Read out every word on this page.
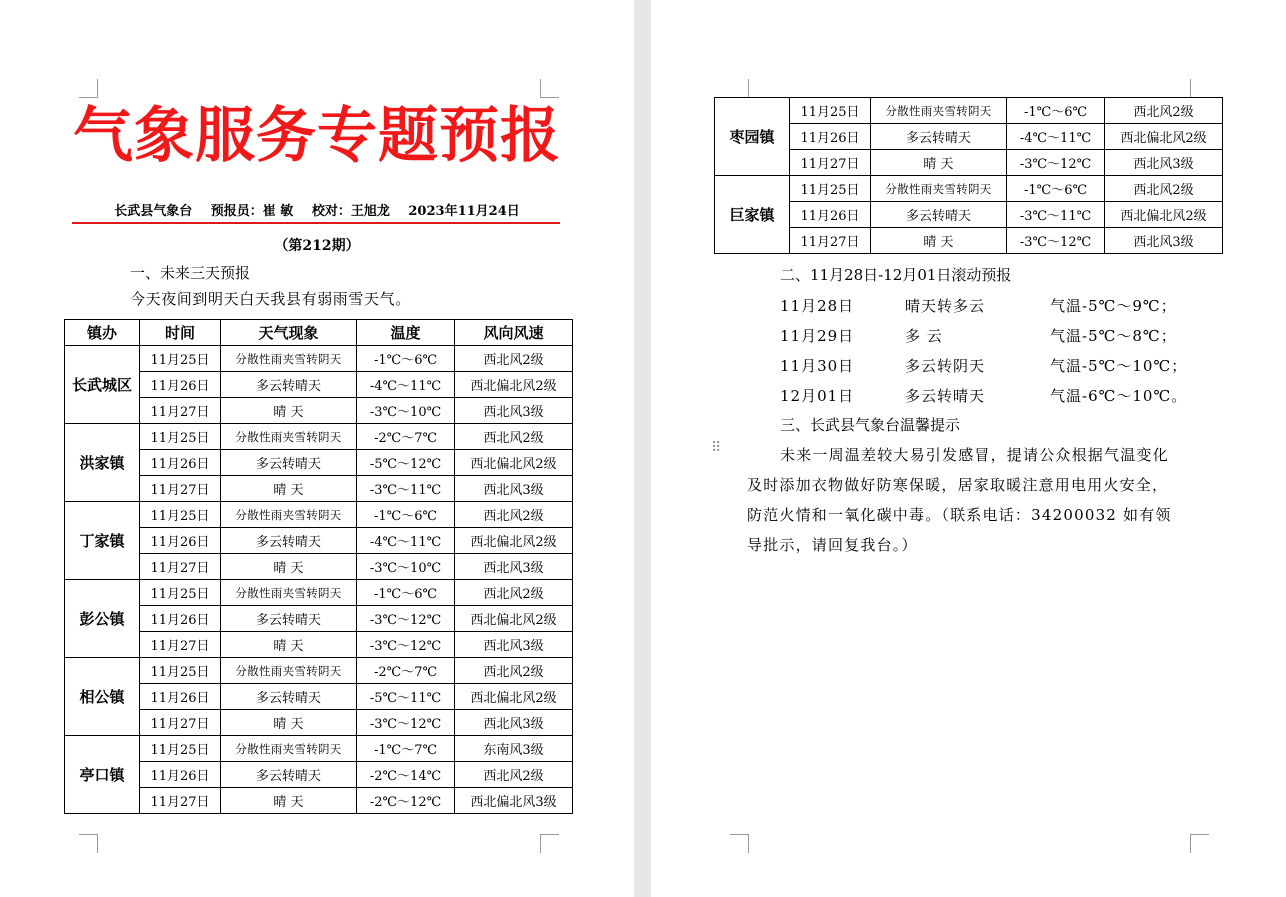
气象服务专题预报
长武县气象台 预报员：崔 敏 校对：王旭龙 2023年11月24日
（第212期）
一、未来三天预报
今天夜间到明天白天我县有弱雨雪天气。
镇办	时间	天气现象	温度	风向风速
长武城区	11月25日	分散性雨夹雪转阴天	-1℃～6℃	西北风2级
	11月26日	多云转晴天	-4℃～11℃	西北偏北风2级
	11月27日	晴 天	-3℃～10℃	西北风3级
洪家镇	11月25日	分散性雨夹雪转阴天	-2℃～7℃	西北风2级
	11月26日	多云转晴天	-5℃～12℃	西北偏北风2级
	11月27日	晴 天	-3℃～11℃	西北风3级
丁家镇	11月25日	分散性雨夹雪转阴天	-1℃～6℃	西北风2级
	11月26日	多云转晴天	-4℃～11℃	西北偏北风2级
	11月27日	晴 天	-3℃～10℃	西北风3级
彭公镇	11月25日	分散性雨夹雪转阴天	-1℃～6℃	西北风2级
	11月26日	多云转晴天	-3℃～12℃	西北偏北风2级
	11月27日	晴 天	-3℃～12℃	西北风3级
相公镇	11月25日	分散性雨夹雪转阴天	-2℃～7℃	西北风2级
	11月26日	多云转晴天	-5℃～11℃	西北偏北风2级
	11月27日	晴 天	-3℃～12℃	西北风3级
亭口镇	11月25日	分散性雨夹雪转阴天	-1℃～7℃	东南风3级
	11月26日	多云转晴天	-2℃～14℃	西北风2级
	11月27日	晴 天	-2℃～12℃	西北偏北风3级
枣园镇	11月25日	分散性雨夹雪转阴天	-1℃～6℃	西北风2级
	11月26日	多云转晴天	-4℃～11℃	西北偏北风2级
	11月27日	晴 天	-3℃～12℃	西北风3级
巨家镇	11月25日	分散性雨夹雪转阴天	-1℃～6℃	西北风2级
	11月26日	多云转晴天	-3℃～11℃	西北偏北风2级
	11月27日	晴 天	-3℃～12℃	西北风3级
二、11月28日-12月01日滚动预报
11月28日	晴天转多云	气温-5℃～9℃；
11月29日	多 云	气温-5℃～8℃；
11月30日	多云转阴天	气温-5℃～10℃；
12月01日	多云转晴天	气温-6℃～10℃。
三、长武县气象台温馨提示
未来一周温差较大易引发感冒，提请公众根据气温变化
及时添加衣物做好防寒保暖，居家取暖注意用电用火安全，
防范火情和一氧化碳中毒。（联系电话：34200032 如有领
导批示，请回复我台。）
⠿
